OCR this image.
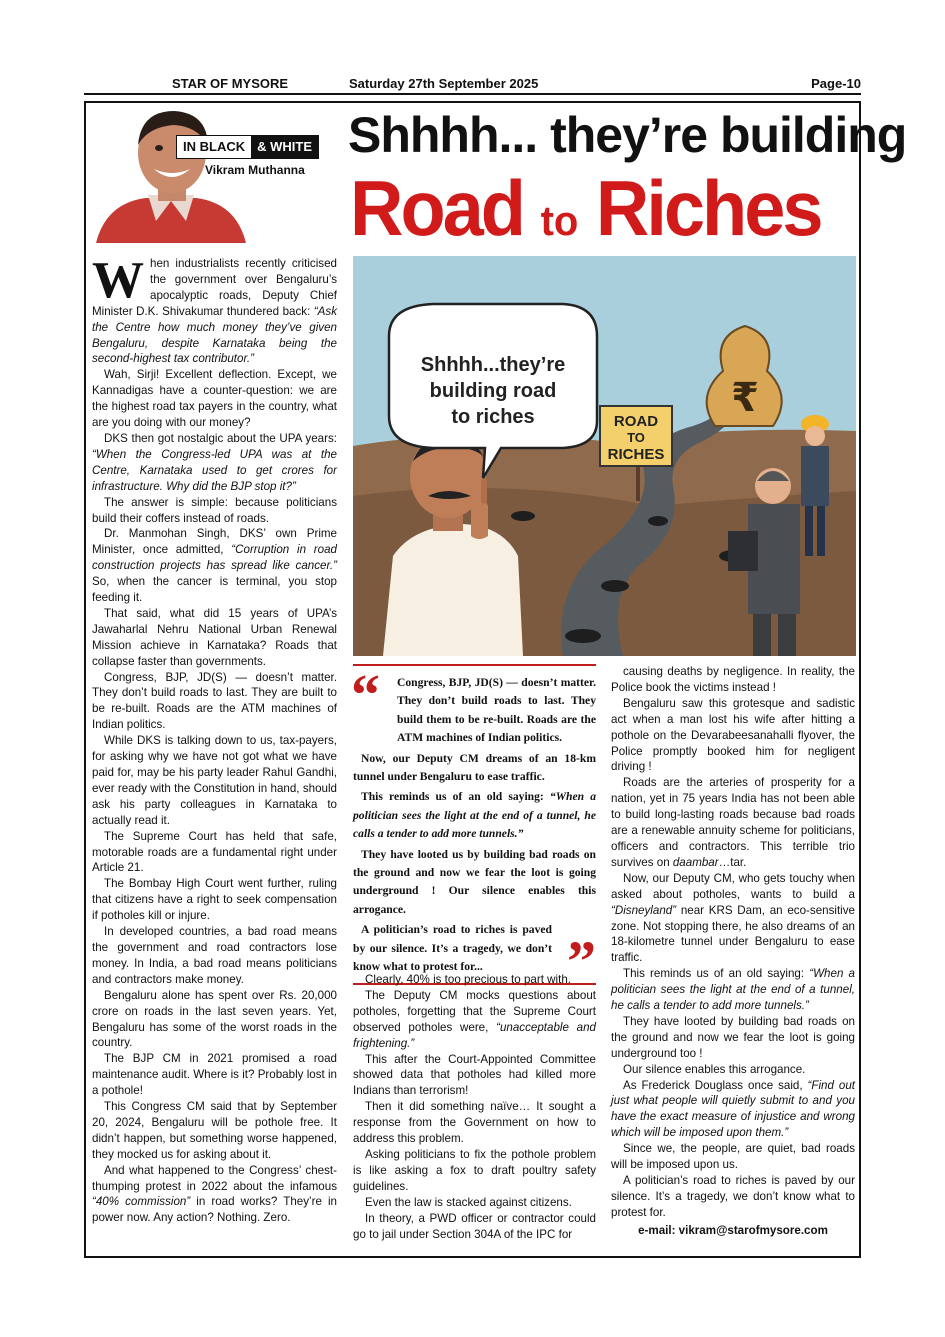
STAR OF MYSORE	Saturday 27th September 2025	Page-10
IN BLACK & WHITE
Vikram Muthanna
Shhhh... they’re building
Road to Riches

When industrialists recently criticised the government over Bengaluru’s apocalyptic roads, Deputy Chief Minister D.K. Shivakumar thundered back: “Ask the Centre how much money they’ve given Bengaluru, despite Karnataka being the second-highest tax contributor.”

Wah, Sirji! Excellent deflection. Except, we Kannadigas have a counter-question: we are the highest road tax payers in the country, what are you doing with our money?

DKS then got nostalgic about the UPA years: “When the Congress-led UPA was at the Centre, Karnataka used to get crores for infrastructure. Why did the BJP stop it?”

The answer is simple: because politicians build their coffers instead of roads.

Dr. Manmohan Singh, DKS’ own Prime Minister, once admitted, “Corruption in road construction projects has spread like cancer.” So, when the cancer is terminal, you stop feeding it.

That said, what did 15 years of UPA’s Jawaharlal Nehru National Urban Renewal Mission achieve in Karnataka? Roads that collapse faster than governments.

Congress, BJP, JD(S) — doesn’t matter. They don’t build roads to last. They are built to be re-built. Roads are the ATM machines of Indian politics.

While DKS is talking down to us, tax-payers, for asking why we have not got what we have paid for, may be his party leader Rahul Gandhi, ever ready with the Constitution in hand, should ask his party colleagues in Karnataka to actually read it.

The Supreme Court has held that safe, motorable roads are a fundamental right under Article 21.

The Bombay High Court went further, ruling that citizens have a right to seek compensation if potholes kill or injure.

In developed countries, a bad road means the government and road contractors lose money. In India, a bad road means politicians and contractors make money.

Bengaluru alone has spent over Rs. 20,000 crore on roads in the last seven years. Yet, Bengaluru has some of the worst roads in the country.

The BJP CM in 2021 promised a road maintenance audit. Where is it? Probably lost in a pothole!

This Congress CM said that by September 20, 2024, Bengaluru will be pothole free. It didn’t happen, but something worse happened, they mocked us for asking about it.

And what happened to the Congress’ chest-thumping protest in 2022 about the infamous “40% commission” in road works? They’re in power now. Any action? Nothing. Zero.

ROAD
TO
RICHES
₹
Shhhh...they’re
building road
to riches
“	Congress, BJP, JD(S) — doesn’t matter. They don’t build roads to last. They build them to be re-built. Roads are the ATM machines of Indian politics.

Now, our Deputy CM dreams of an 18-km tunnel under Bengaluru to ease traffic.

This reminds us of an old saying: “When a politician sees the light at the end of a tunnel, he calls a tender to add more tunnels.”

They have looted us by building bad roads on the ground and now we fear the loot is going underground ! Our silence enables this arrogance.

A politician’s road to riches is paved by our silence. It’s a tragedy, we don’t know what to protest for...	”

Clearly, 40% is too precious to part with.

The Deputy CM mocks questions about potholes, forgetting that the Supreme Court observed potholes were, “unacceptable and frightening.”

This after the Court-Appointed Committee showed data that potholes had killed more Indians than terrorism!

Then it did something naïve… It sought a response from the Government on how to address this problem.

Asking politicians to fix the pothole problem is like asking a fox to draft poultry safety guidelines.

Even the law is stacked against citizens.

In theory, a PWD officer or contractor could go to jail under Section 304A of the IPC for

causing deaths by negligence. In reality, the Police book the victims instead !

Bengaluru saw this grotesque and sadistic act when a man lost his wife after hitting a pothole on the Devarabeesanahalli flyover, the Police promptly booked him for negligent driving !

Roads are the arteries of prosperity for a nation, yet in 75 years India has not been able to build long-lasting roads because bad roads are a renewable annuity scheme for politicians, officers and contractors. This terrible trio survives on daambar…tar.

Now, our Deputy CM, who gets touchy when asked about potholes, wants to build a “Disneyland” near KRS Dam, an eco-sensitive zone. Not stopping there, he also dreams of an 18-kilometre tunnel under Bengaluru to ease traffic.

This reminds us of an old saying: “When a politician sees the light at the end of a tunnel, he calls a tender to add more tunnels.”

They have looted by building bad roads on the ground and now we fear the loot is going underground too !

Our silence enables this arrogance.

As Frederick Douglass once said, “Find out just what people will quietly submit to and you have the exact measure of injustice and wrong which will be imposed upon them.”

Since we, the people, are quiet, bad roads will be imposed upon us.

A politician’s road to riches is paved by our silence. It’s a tragedy, we don’t know what to protest for.

e-mail: vikram@starofmysore.com
